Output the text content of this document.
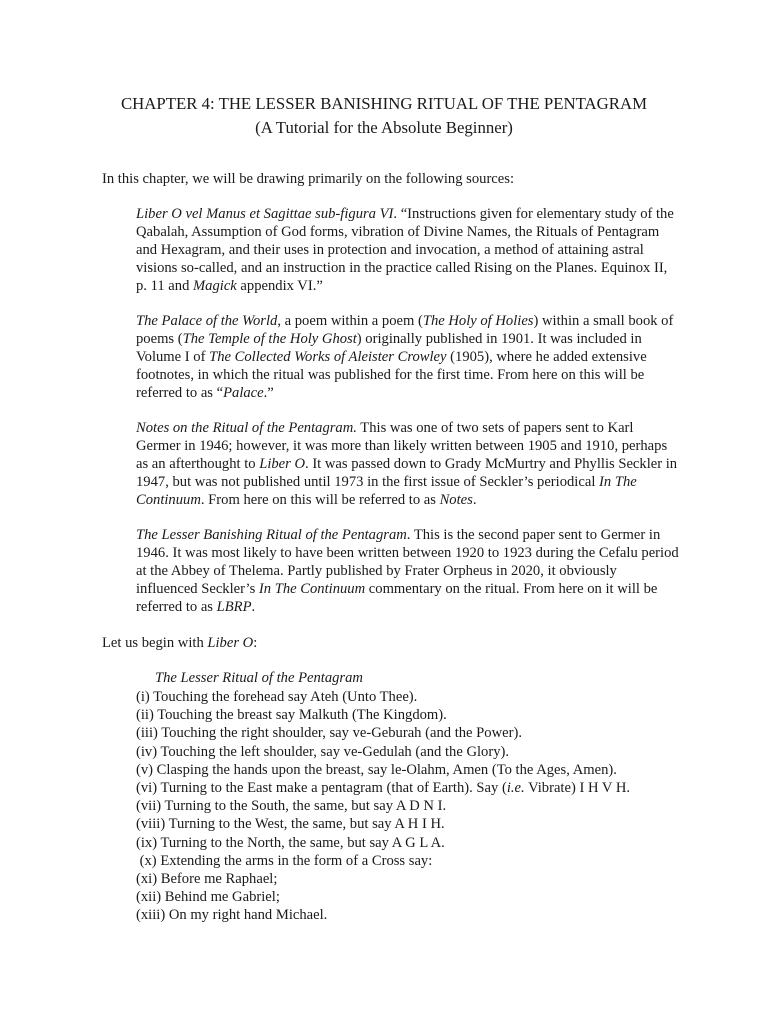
CHAPTER 4: THE LESSER BANISHING RITUAL OF THE PENTAGRAM
(A Tutorial for the Absolute Beginner)
In this chapter, we will be drawing primarily on the following sources:

Liber O vel Manus et Sagittae sub-figura VI. “Instructions given for elementary study of the Qabalah, Assumption of God forms, vibration of Divine Names, the Rituals of Pentagram and Hexagram, and their uses in protection and invocation, a method of attaining astral visions so-called, and an instruction in the practice called Rising on the Planes. Equinox II, p. 11 and Magick appendix VI.”

The Palace of the World, a poem within a poem (The Holy of Holies) within a small book of poems (The Temple of the Holy Ghost) originally published in 1901. It was included in Volume I of The Collected Works of Aleister Crowley (1905), where he added extensive footnotes, in which the ritual was published for the first time. From here on this will be referred to as “Palace.”

Notes on the Ritual of the Pentagram. This was one of two sets of papers sent to Karl Germer in 1946; however, it was more than likely written between 1905 and 1910, perhaps as an afterthought to Liber O. It was passed down to Grady McMurtry and Phyllis Seckler in 1947, but was not published until 1973 in the first issue of Seckler’s periodical In The Continuum. From here on this will be referred to as Notes.

The Lesser Banishing Ritual of the Pentagram. This is the second paper sent to Germer in 1946. It was most likely to have been written between 1920 to 1923 during the Cefalu period at the Abbey of Thelema. Partly published by Frater Orpheus in 2020, it obviously influenced Seckler’s In The Continuum commentary on the ritual. From here on it will be referred to as LBRP.

Let us begin with Liber O:
The Lesser Ritual of the Pentagram
(i) Touching the forehead say Ateh (Unto Thee).
(ii) Touching the breast say Malkuth (The Kingdom).
(iii) Touching the right shoulder, say ve-Geburah (and the Power).
(iv) Touching the left shoulder, say ve-Gedulah (and the Glory).
(v) Clasping the hands upon the breast, say le-Olahm, Amen (To the Ages, Amen).
(vi) Turning to the East make a pentagram (that of Earth). Say (i.e. Vibrate) I H V H.
(vii) Turning to the South, the same, but say A D N I.
(viii) Turning to the West, the same, but say A H I H.
(ix) Turning to the North, the same, but say A G L A.
(x) Extending the arms in the form of a Cross say:
(xi) Before me Raphael;
(xii) Behind me Gabriel;
(xiii) On my right hand Michael.
